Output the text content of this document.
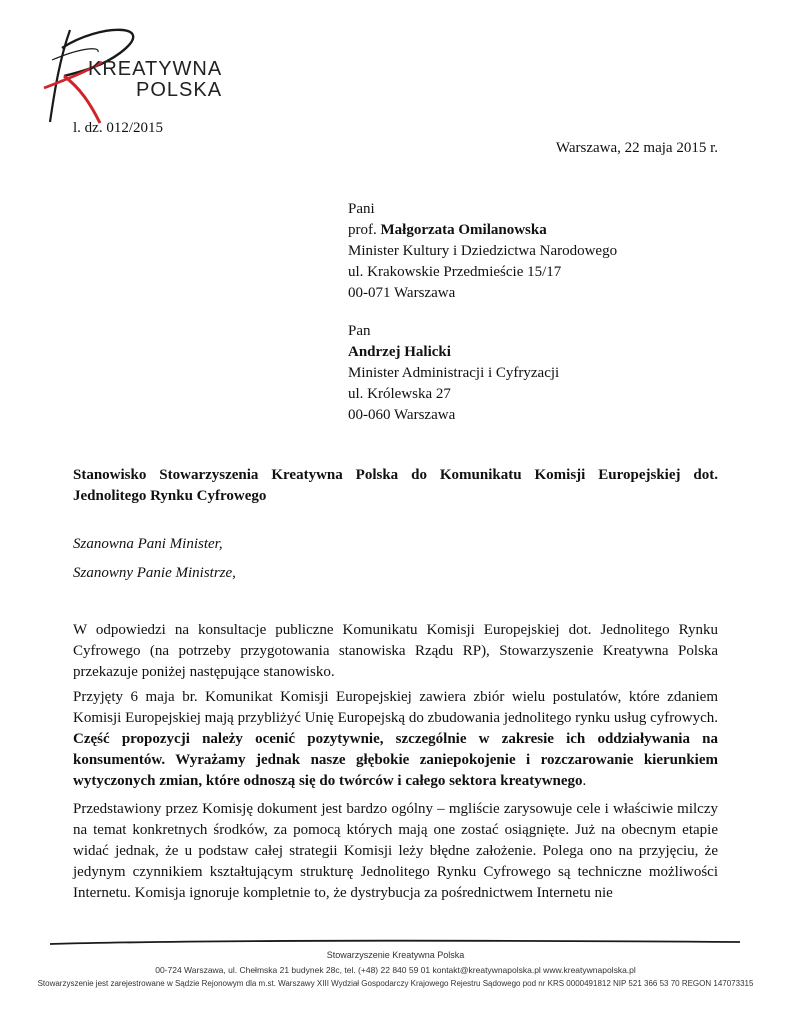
KREATYWNA
POLSKA
l. dz. 012/2015
Warszawa, 22 maja 2015 r.
Pani
prof. Małgorzata Omilanowska
Minister Kultury i Dziedzictwa Narodowego
ul. Krakowskie Przedmieście 15/17
00-071 Warszawa
Pan
Andrzej Halicki
Minister Administracji i Cyfryzacji
ul. Królewska 27
00-060 Warszawa
Stanowisko Stowarzyszenia Kreatywna Polska do Komunikatu Komisji Europejskiej dot. Jednolitego Rynku Cyfrowego
Szanowna Pani Minister,
Szanowny Panie Ministrze,
W odpowiedzi na konsultacje publiczne Komunikatu Komisji Europejskiej dot. Jednolitego Rynku Cyfrowego (na potrzeby przygotowania stanowiska Rządu RP), Stowarzyszenie Kreatywna Polska przekazuje poniżej następujące stanowisko.
Przyjęty 6 maja br. Komunikat Komisji Europejskiej zawiera zbiór wielu postulatów, które zdaniem Komisji Europejskiej mają przybliżyć Unię Europejską do zbudowania jednolitego rynku usług cyfrowych. Część propozycji należy ocenić pozytywnie, szczególnie w zakresie ich oddziaływania na konsumentów. Wyrażamy jednak nasze głębokie zaniepokojenie i rozczarowanie kierunkiem wytyczonych zmian, które odnoszą się do twórców i całego sektora kreatywnego.
Przedstawiony przez Komisję dokument jest bardzo ogólny – mgliście zarysowuje cele i właściwie milczy na temat konkretnych środków, za pomocą których mają one zostać osiągnięte. Już na obecnym etapie widać jednak, że u podstaw całej strategii Komisji leży błędne założenie. Polega ono na przyjęciu, że jedynym czynnikiem kształtującym strukturę Jednolitego Rynku Cyfrowego są techniczne możliwości Internetu. Komisja ignoruje kompletnie to, że dystrybucja za pośrednictwem Internetu nie
Stowarzyszenie Kreatywna Polska
00-724 Warszawa, ul. Chełmska 21 budynek 28c, tel. (+48) 22 840 59 01 kontakt@kreatywnapolska.pl www.kreatywnapolska.pl
Stowarzyszenie jest zarejestrowane w Sądzie Rejonowym dla m.st. Warszawy XIII Wydział Gospodarczy Krajowego Rejestru Sądowego pod nr KRS 0000491812 NIP 521 366 53 70 REGON 147073315
